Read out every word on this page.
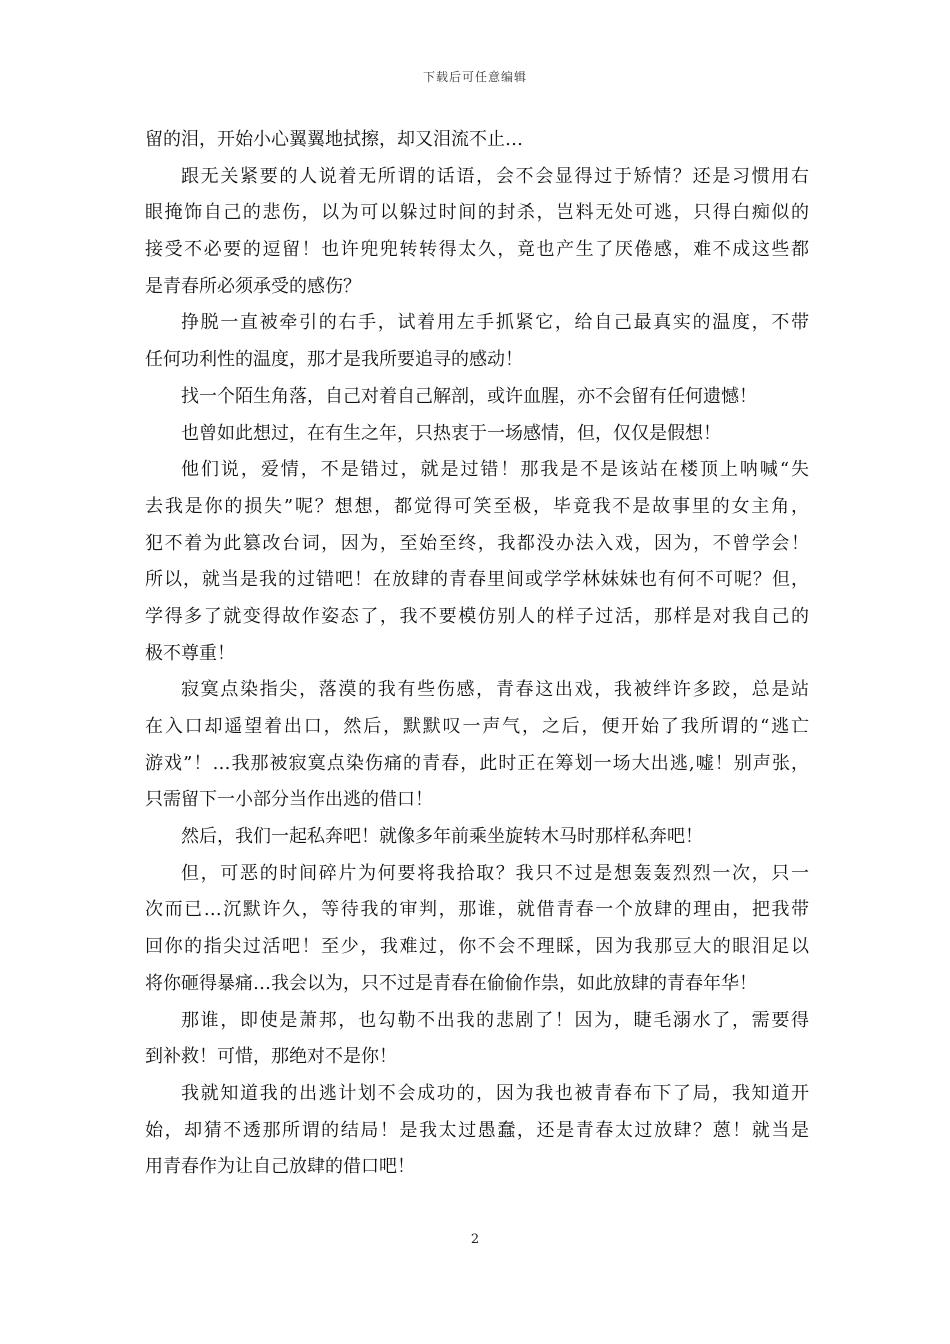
下载后可任意编辑
留的泪，开始小心翼翼地拭擦，却又泪流不止…
跟无关紧要的人说着无所谓的话语，会不会显得过于矫情？还是习惯用右
眼掩饰自己的悲伤，以为可以躲过时间的封杀，岂料无处可逃，只得白痴似的
接受不必要的逗留！也许兜兜转转得太久，竟也产生了厌倦感，难不成这些都
是青春所必须承受的感伤？
挣脱一直被牵引的右手，试着用左手抓紧它，给自己最真实的温度，不带
任何功利性的温度，那才是我所要追寻的感动！
找一个陌生角落，自己对着自己解剖，或许血腥，亦不会留有任何遗憾！
也曾如此想过，在有生之年，只热衷于一场感情，但，仅仅是假想！
他们说，爱情，不是错过，就是过错！那我是不是该站在楼顶上呐喊“失
去我是你的损失”呢？想想，都觉得可笑至极，毕竟我不是故事里的女主角，
犯不着为此篡改台词，因为，至始至终，我都没办法入戏，因为，不曾学会！
所以，就当是我的过错吧！在放肆的青春里间或学学林妹妹也有何不可呢？但，
学得多了就变得故作姿态了，我不要模仿别人的样子过活，那样是对我自己的
极不尊重！
寂寞点染指尖，落漠的我有些伤感，青春这出戏，我被绊许多跤，总是站
在入口却遥望着出口，然后，默默叹一声气，之后，便开始了我所谓的“逃亡
游戏”！…我那被寂寞点染伤痛的青春，此时正在筹划一场大出逃,嘘！别声张，
只需留下一小部分当作出逃的借口！
然后，我们一起私奔吧！就像多年前乘坐旋转木马时那样私奔吧！
但，可恶的时间碎片为何要将我拾取？我只不过是想轰轰烈烈一次，只一
次而已…沉默许久，等待我的审判，那谁，就借青春一个放肆的理由，把我带
回你的指尖过活吧！至少，我难过，你不会不理睬，因为我那豆大的眼泪足以
将你砸得暴痛…我会以为，只不过是青春在偷偷作祟，如此放肆的青春年华！
那谁，即使是萧邦，也勾勒不出我的悲剧了！因为，睫毛溺水了，需要得
到补救！可惜，那绝对不是你！
我就知道我的出逃计划不会成功的，因为我也被青春布下了局，我知道开
始，却猜不透那所谓的结局！是我太过愚蠢，还是青春太过放肆？蒽！就当是
用青春作为让自己放肆的借口吧！
2
